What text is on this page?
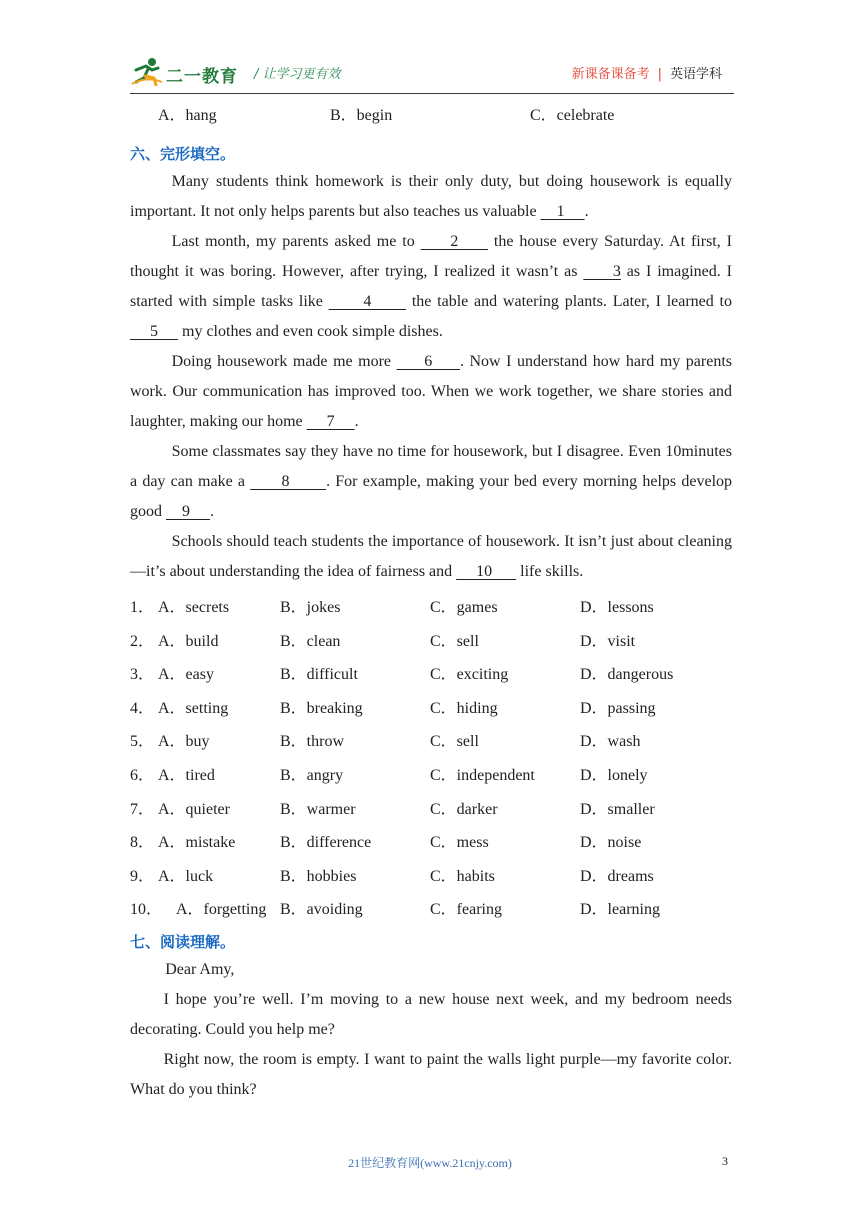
二一教育 / 让学习更有效	新课备课备考 | 英语学科
A．hang	B．begin	C．celebrate
六、完形填空。

Many students think homework is their only duty, but doing housework is equally important. It not only helps parents but also teaches us valuable     1     .

Last month, my parents asked me to      2      the house every Saturday. At first, I thought it was boring. However, after trying, I realized it wasn’t as      3 as I imagined. I started with simple tasks like       4       the table and watering plants. Later, I learned to      5      my clothes and even cook simple dishes.

Doing housework made me more      6     . Now I understand how hard my parents work. Our communication has improved too. When we work together, we share stories and laughter, making our home      7     .

Some classmates say they have no time for housework, but I disagree. Even 10minutes a day can make a       8       . For example, making your bed every morning helps develop good     9     .

Schools should teach students the importance of housework. It isn’t just about cleaning—it’s about understanding the idea of fairness and      10       life skills.

1． A．secrets	B．jokes	C．games	D．lessons
2． A．build	B．clean	C．sell	D．visit
3． A．easy	B．difficult	C．exciting	D．dangerous
4． A．setting	B．breaking	C．hiding	D．passing
5． A．buy	B．throw	C．sell	D．wash
6． A．tired	B．angry	C．independent	D．lonely
7． A．quieter	B．warmer	C．darker	D．smaller
8． A．mistake	B．difference	C．mess	D．noise
9． A．luck	B．hobbies	C．habits	D．dreams
10． A．forgetting B．avoiding	C．fearing	D．learning
七、阅读理解。

Dear Amy,

I hope you’re well. I’m moving to a new house next week, and my bedroom needs decorating. Could you help me?

Right now, the room is empty. I want to paint the walls light purple—my favorite color. What do you think?

21世纪教育网(www.21cnjy.com)	3
